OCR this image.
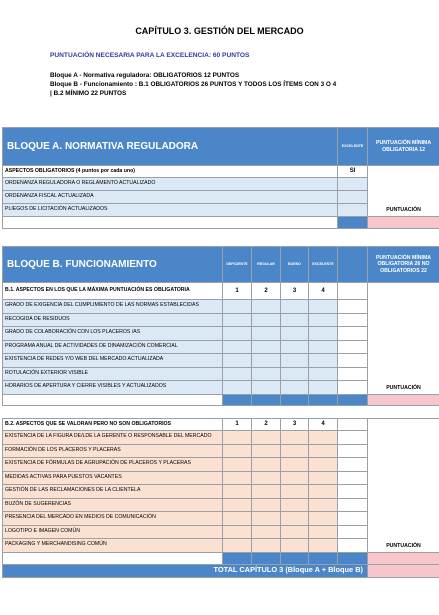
CAPÍTULO 3. GESTIÓN DEL MERCADO
PUNTUACIÓN NECESARIA PARA LA EXCELENCIA: 60 PUNTOS
Bloque A - Normativa reguladora: OBLIGATORIOS 12 PUNTOS
Bloque B - Funcionamiento : B.1 OBLIGATORIOS 26 PUNTOS Y TODOS LOS ÍTEMS CON 3 O 4
| B.2 MÍNIMO 22 PUNTOS
BLOQUE A. NORMATIVA REGULADORA	EXCELENTE	PUNTUACIÓN MÍNIMA OBLIGATORIA 12
ASPECTOS OBLIGATORIOS (4 puntos por cada uno)	SI	PUNTUACIÓN
ORDENANZA REGULADORA O REGLAMENTO ACTUALIZADO		
ORDENANZA FISCAL ACTUALIZADA		
PLIEGOS DE LICITACIÓN ACTUALIZADOS		

BLOQUE B. FUNCIONAMIENTO	DEFICIENTE	REGULAR	BUENO	EXCELENTE		PUNTUACIÓN MÍNIMA OBLIGATORIA 26 NO OBLIGATORIOS 22
B.1. ASPECTOS EN LOS QUE LA MÁXIMA PUNTUACIÓN ES OBLIGATORIA	1	2	3	4		PUNTUACIÓN
GRADO DE EXIGENCIA DEL CUMPLIMIENTO DE LAS NORMAS ESTABLECIDAS						
RECOGIDA DE RESIDUOS						
GRADO DE COLABORACIÓN CON LOS PLACEROS /AS						
PROGRAMA ANUAL DE ACTIVIDADES DE DINAMIZACIÓN COMERCIAL						
EXISTENCIA DE REDES Y/O WEB DEL MERCADO ACTUALIZADA						
ROTULACIÓN EXTERIOR VISIBLE						
HORARIOS DE APERTURA Y CIERRE VISIBLES Y ACTUALIZADOS						

B.2. ASPECTOS QUE SE VALORAN PERO NO SON OBLIGATORIOS	1	2	3	4		PUNTUACIÓN
EXISTENCIA DE LA FIGURA DE/LDE LA GERENTE O RESPONSABLE DEL MERCADO						
FORMACIÓN DE LOS PLACEROS Y PLACERAS						
EXISTENCIA DE FÓRMULAS DE AGRUPACIÓN DE PLACEROS Y PLACERAS						
MEDIDAS ACTIVAS PARA PUESTOS VACANTES						
GESTIÓN DE LAS RECLAMACIONES DE LA CLIENTELA						
BUZÓN DE SUGERENCIAS						
PRESENCIA DEL MERCADO EN MEDIOS DE COMUNICACIÓN						
LOGOTIPO E IMAGEN COMÚN						
PACKAGING Y MERCHANDISING COMÚN						

TOTAL CAPÍTULO 3 (Bloque A + Bloque B)						
